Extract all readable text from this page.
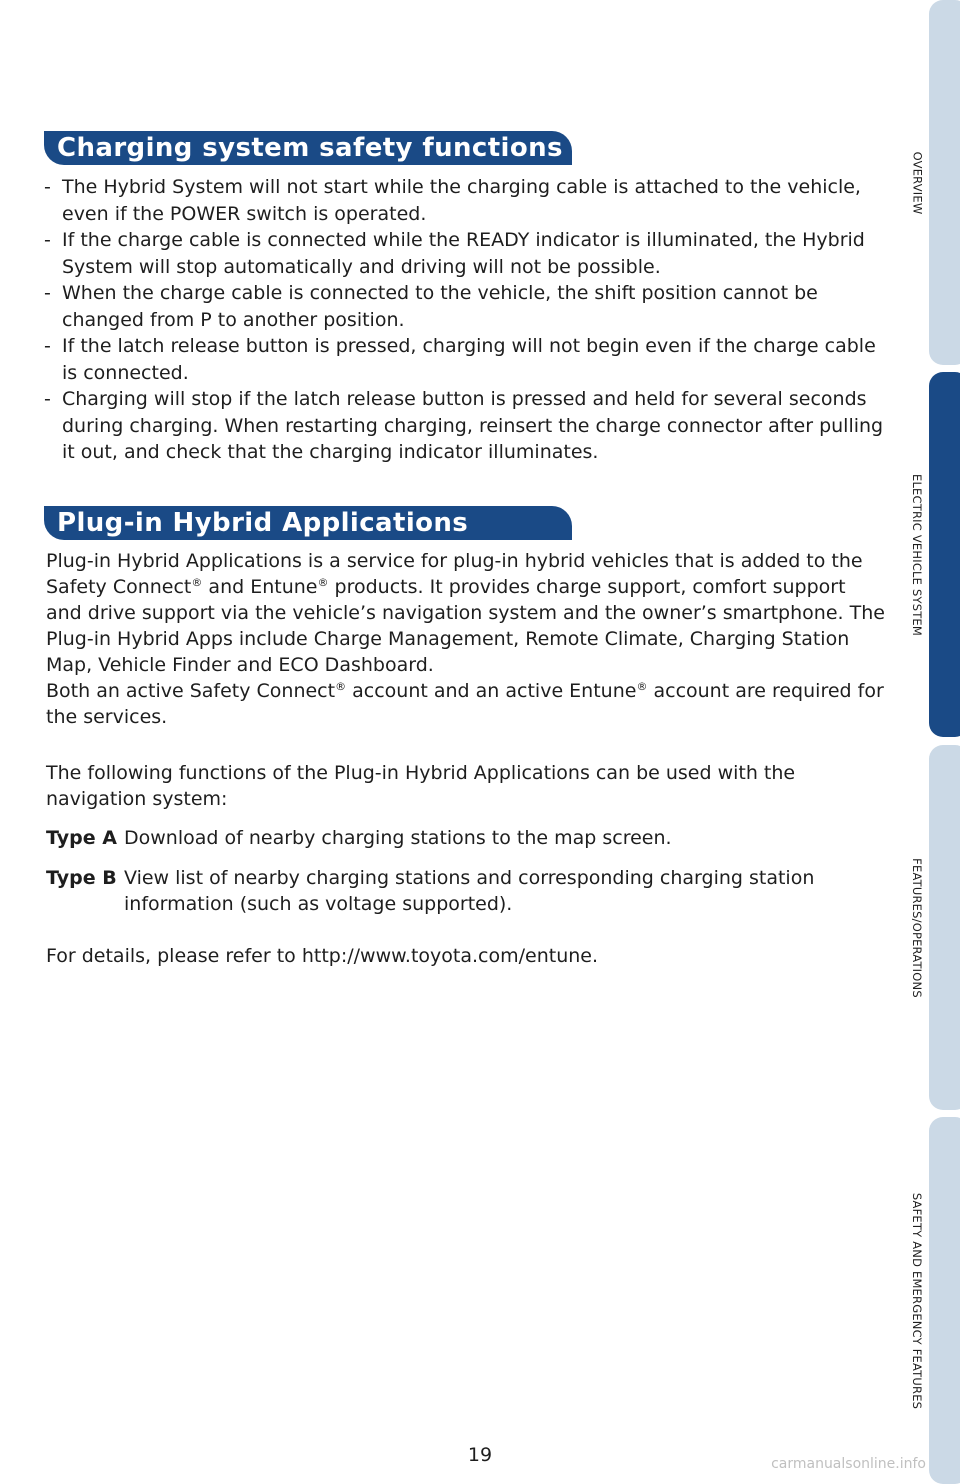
Charging system safety functions
- The Hybrid System will not start while the charging cable is attached to the vehicle, even if the POWER switch is operated.
- If the charge cable is connected while the READY indicator is illuminated, the Hybrid System will stop automatically and driving will not be possible.
- When the charge cable is connected to the vehicle, the shift position cannot be changed from P to another position.
- If the latch release button is pressed, charging will not begin even if the charge cable is connected.
- Charging will stop if the latch release button is pressed and held for several seconds during charging. When restarting charging, reinsert the charge connector after pulling it out, and check that the charging indicator illuminates.
Plug-in Hybrid Applications

Plug-in Hybrid Applications is a service for plug-in hybrid vehicles that is added to the Safety Connect® and Entune® products. It provides charge support, comfort support and drive support via the vehicle’s navigation system and the owner’s smartphone. The Plug-in Hybrid Apps include Charge Management, Remote Climate, Charging Station Map, Vehicle Finder and ECO Dashboard.
Both an active Safety Connect® account and an active Entune® account are required for the services.

The following functions of the Plug-in Hybrid Applications can be used with the navigation system:

Type A Download of nearby charging stations to the map screen.
Type B View list of nearby charging stations and corresponding charging station information (such as voltage supported).

For details, please refer to http://www.toyota.com/entune.

19	carmanualsonline.info
OVERVIEW
ELECTRIC VEHICLE SYSTEM
FEATURES/OPERATIONS
SAFETY AND EMERGENCY FEATURES
